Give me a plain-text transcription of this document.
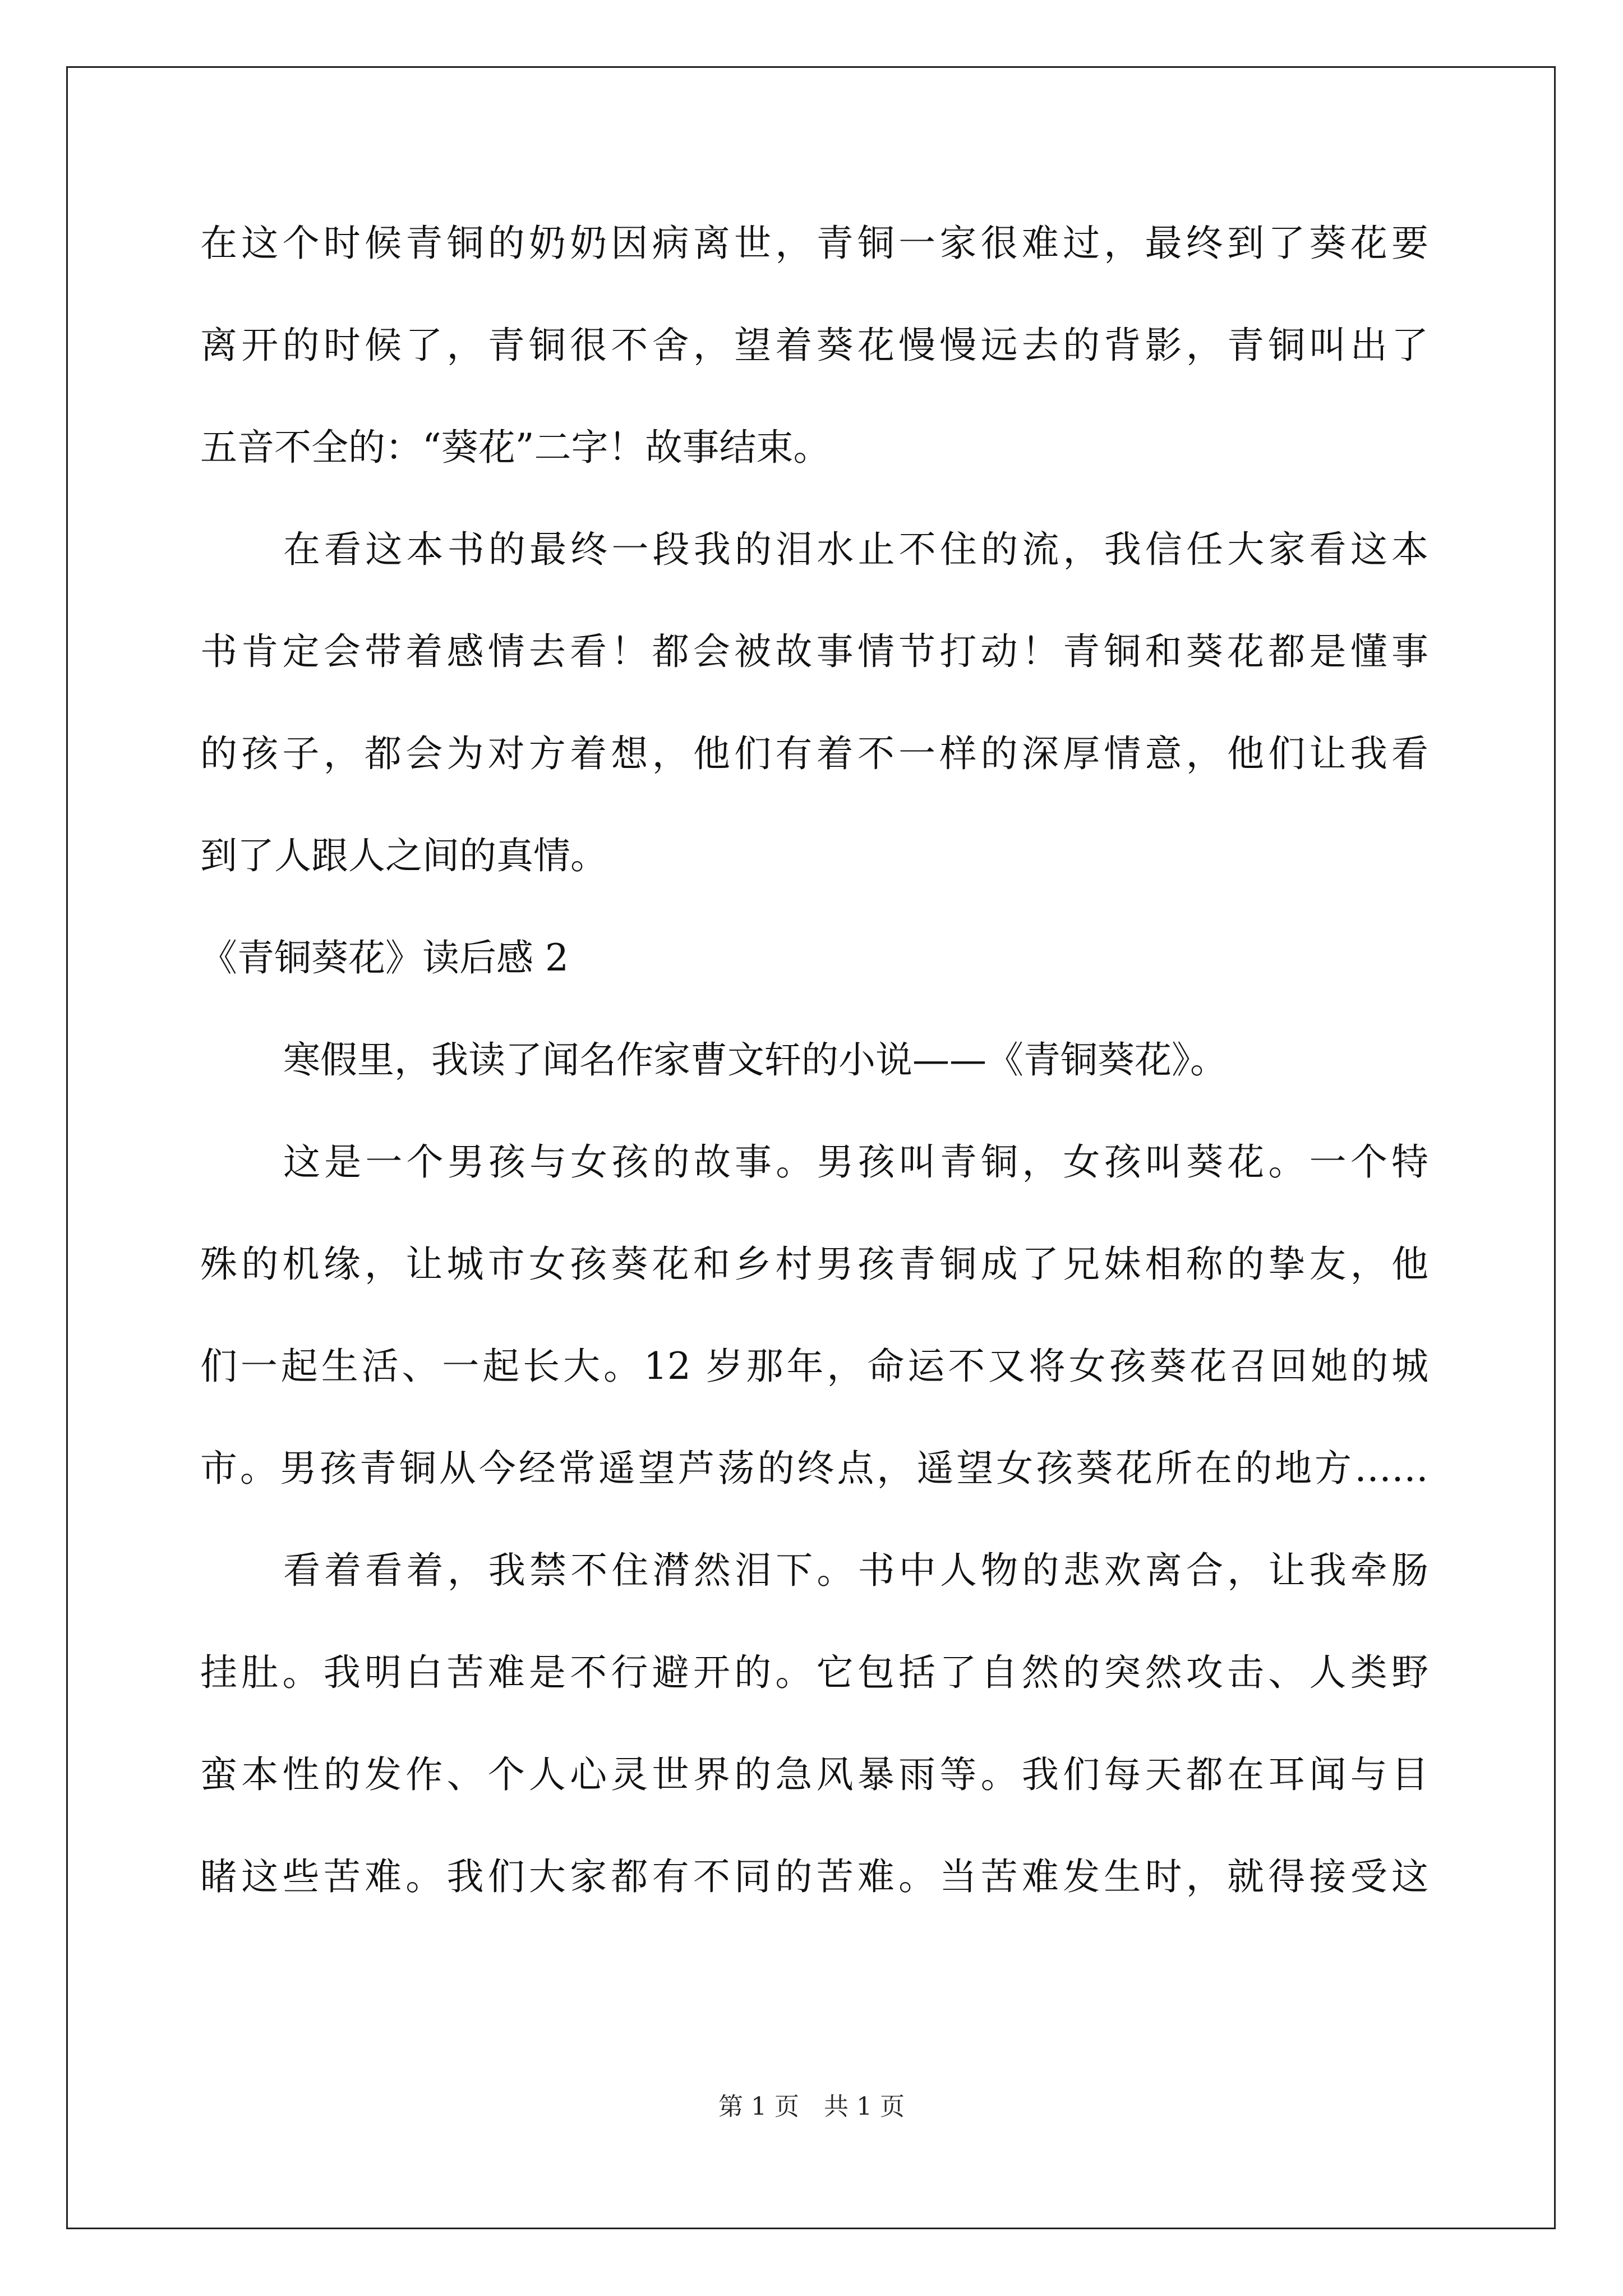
在这个时候青铜的奶奶因病离世，青铜一家很难过，最终到了葵花要
离开的时候了，青铜很不舍，望着葵花慢慢远去的背影，青铜叫出了
五音不全的：“葵花”二字！故事结束。
在看这本书的最终一段我的泪水止不住的流，我信任大家看这本
书肯定会带着感情去看！都会被故事情节打动！青铜和葵花都是懂事
的孩子，都会为对方着想，他们有着不一样的深厚情意，他们让我看
到了人跟人之间的真情。
《青铜葵花》读后感 2
寒假里，我读了闻名作家曹文轩的小说——《青铜葵花》。
这是一个男孩与女孩的故事。男孩叫青铜，女孩叫葵花。一个特
殊的机缘，让城市女孩葵花和乡村男孩青铜成了兄妹相称的挚友，他
们一起生活、一起长大。12 岁那年，命运不又将女孩葵花召回她的城
市。男孩青铜从今经常遥望芦荡的终点，遥望女孩葵花所在的地方……
看着看着，我禁不住潸然泪下。书中人物的悲欢离合，让我牵肠
挂肚。我明白苦难是不行避开的。它包括了自然的突然攻击、人类野
蛮本性的发作、个人心灵世界的急风暴雨等。我们每天都在耳闻与目
睹这些苦难。我们大家都有不同的苦难。当苦难发生时，就得接受这
第 1 页　共 1 页
